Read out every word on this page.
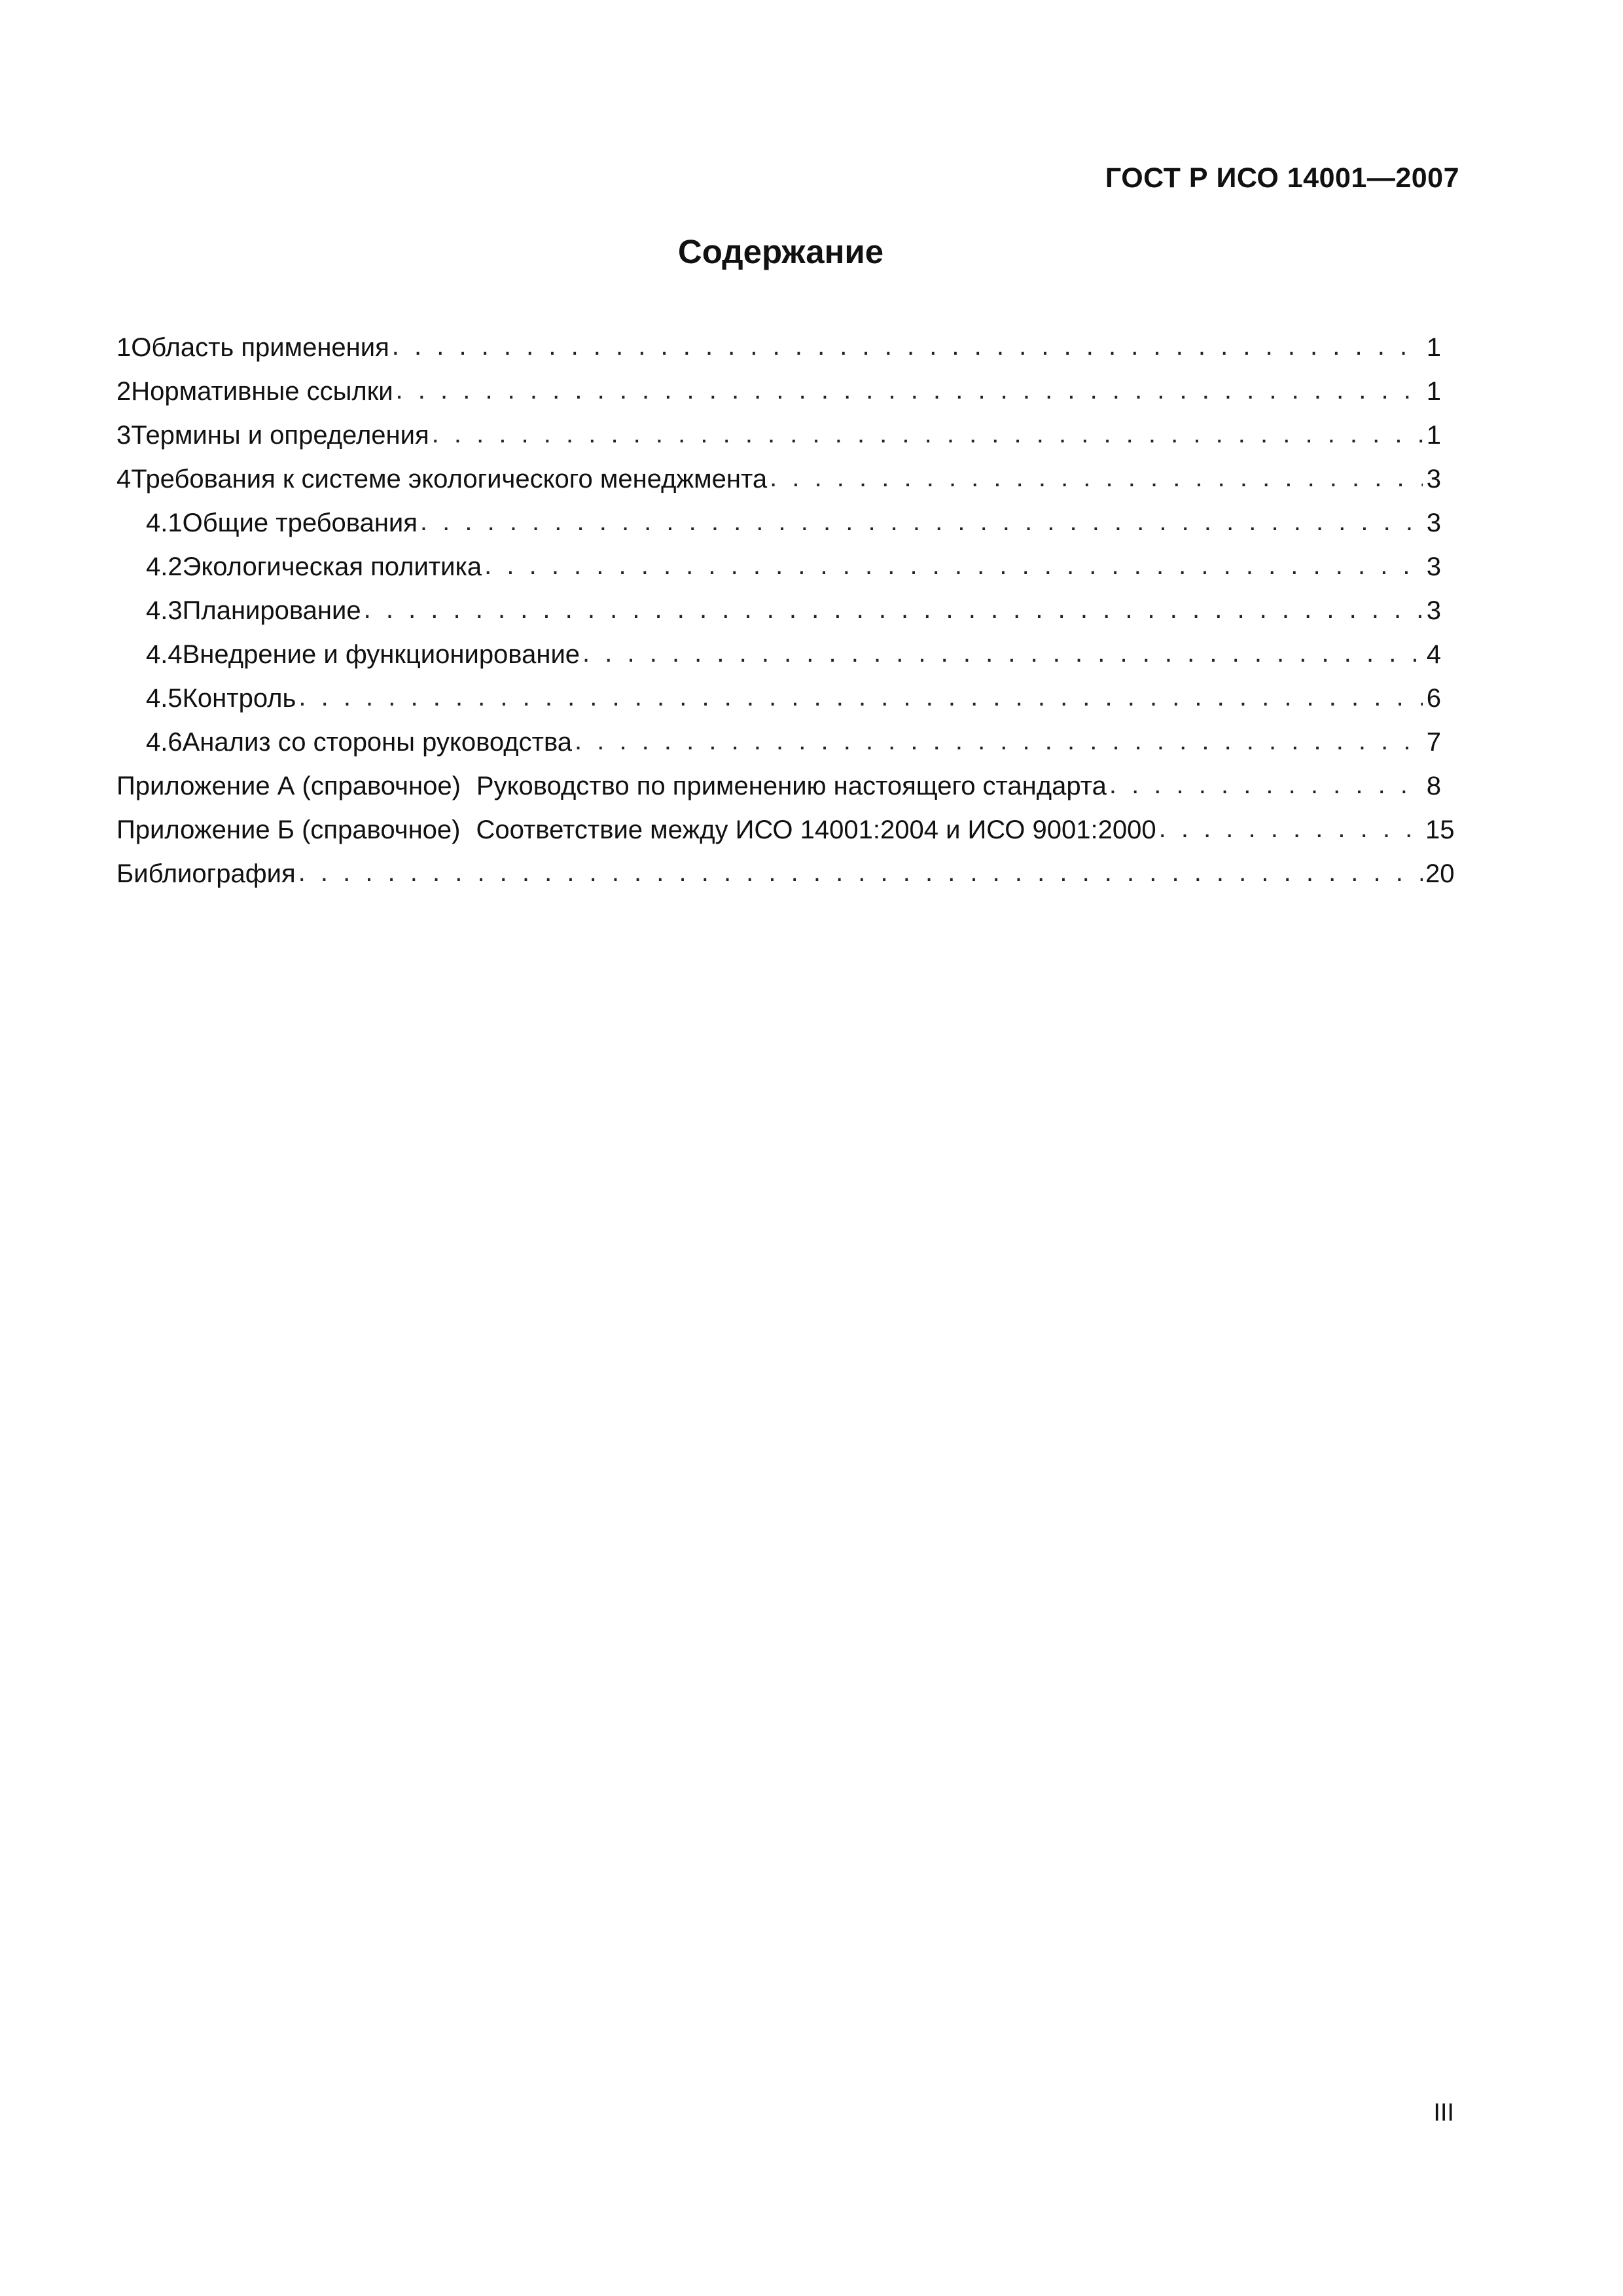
ГОСТ Р ИСО 14001—2007
Содержание
1 Область применения . . .	1
2 Нормативные ссылки . . .	1
3 Термины и определения . . .	1
4 Требования к системе экологического менеджмента . . .	3
4.1 Общие требования . . .	3
4.2 Экологическая политика . . .	3
4.3 Планирование . . .	3
4.4 Внедрение и функционирование . . .	4
4.5 Контроль . . .	6
4.6 Анализ со стороны руководства . . .	7
Приложение А (справочное) Руководство по применению настоящего стандарта . . .	8
Приложение Б (справочное) Соответствие между ИСО 14001:2004 и ИСО 9001:2000 . . .	15
Библиография . . .	20
III
